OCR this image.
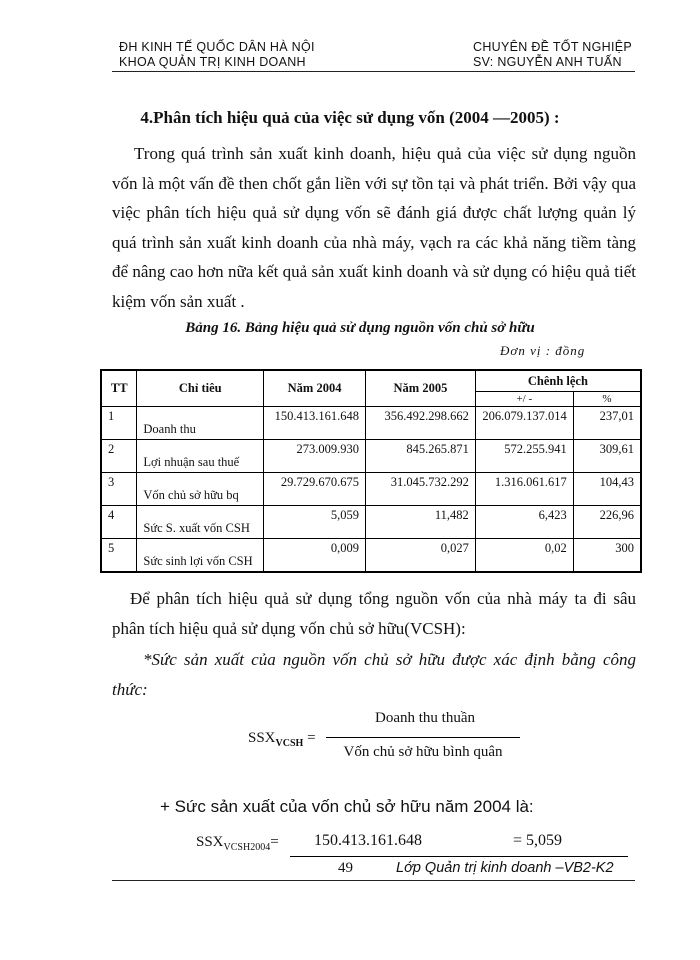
ĐH KINH TẾ QUỐC DÂN HÀ NỘI
KHOA QUẢN TRỊ KINH DOANH
CHUYÊN ĐỀ TỐT NGHIỆP
SV: NGUYỄN ANH TUẤN
4.Phân tích hiệu quả của việc sử dụng vốn (2004 —2005) :

Trong quá trình sản xuất kinh doanh, hiệu quả của việc sử dụng nguồn vốn là một vấn đề then chốt gắn liền với sự tồn tại và phát triển. Bởi vậy qua việc phân tích hiệu quả sử dụng vốn sẽ đánh giá được chất lượng quản lý quá trình sản xuất kinh doanh của nhà máy, vạch ra các khả năng tiềm tàng để nâng cao hơn nữa kết quả sản xuất kinh doanh và sử dụng có hiệu quả tiết kiệm vốn sản xuất .

Bảng 16. Bảng hiệu quả sử dụng nguồn vốn chủ sở hữu
Đơn vị : đồng
TT	Chỉ tiêu	Năm 2004	Năm 2005	Chênh lệch	
				+/ -	%
1	Doanh thu	150.413.161.648	356.492.298.662	206.079.137.014	237,01
2	Lợi nhuận sau thuế	273.009.930	845.265.871	572.255.941	309,61
3	Vốn chủ sở hữu bq	29.729.670.675	31.045.732.292	1.316.061.617	104,43
4	Sức S. xuất vốn CSH	5,059	11,482	6,423	226,96
5	Sức sinh lợi vốn CSH	0,009	0,027	0,02	300

Để phân tích hiệu quả sử dụng tổng nguồn vốn của nhà máy ta đi sâu phân tích hiệu quả sử dụng vốn chủ sở hữu(VCSH):

*Sức sản xuất của nguồn vốn chủ sở hữu được xác định bằng công thức:

$SSX_{VCSH}$ =
Doanh thu thuần
Vốn chủ sở hữu bình quân
+ Sức sản xuất của vốn chủ sở hữu năm 2004 là:
$SSX_{VCSH2004}= 150.413.161.648$	= 5,059
49	Lớp Quản trị kinh doanh –VB2-K2
